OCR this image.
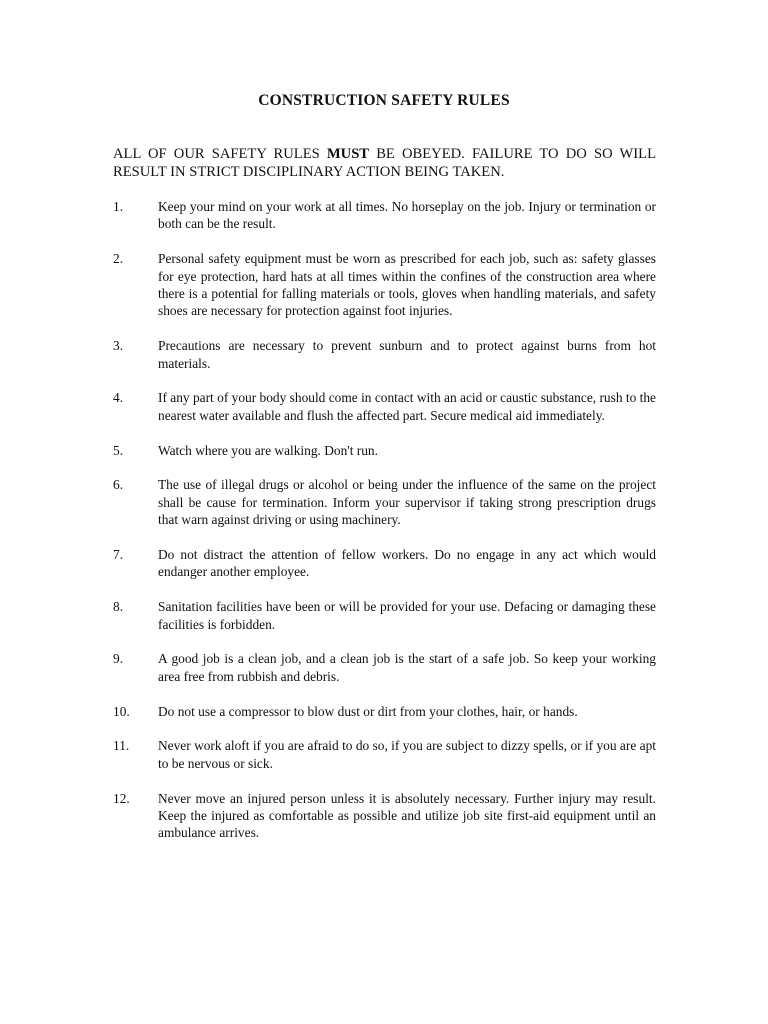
CONSTRUCTION SAFETY RULES
ALL OF OUR SAFETY RULES MUST BE OBEYED. FAILURE TO DO SO WILL RESULT IN STRICT DISCIPLINARY ACTION BEING TAKEN.
1.	Keep your mind on your work at all times. No horseplay on the job. Injury or termination or both can be the result.
2.	Personal safety equipment must be worn as prescribed for each job, such as: safety glasses for eye protection, hard hats at all times within the confines of the construction area where there is a potential for falling materials or tools, gloves when handling materials, and safety shoes are necessary for protection against foot injuries.
3.	Precautions are necessary to prevent sunburn and to protect against burns from hot materials.
4.	If any part of your body should come in contact with an acid or caustic substance, rush to the nearest water available and flush the affected part. Secure medical aid immediately.
5.	Watch where you are walking. Don't run.
6.	The use of illegal drugs or alcohol or being under the influence of the same on the project shall be cause for termination. Inform your supervisor if taking strong prescription drugs that warn against driving or using machinery.
7.	Do not distract the attention of fellow workers. Do no engage in any act which would endanger another employee.
8.	Sanitation facilities have been or will be provided for your use. Defacing or damaging these facilities is forbidden.
9.	A good job is a clean job, and a clean job is the start of a safe job. So keep your working area free from rubbish and debris.
10.	Do not use a compressor to blow dust or dirt from your clothes, hair, or hands.
11.	Never work aloft if you are afraid to do so, if you are subject to dizzy spells, or if you are apt to be nervous or sick.
12.	Never move an injured person unless it is absolutely necessary. Further injury may result. Keep the injured as comfortable as possible and utilize job site first-aid equipment until an ambulance arrives.
